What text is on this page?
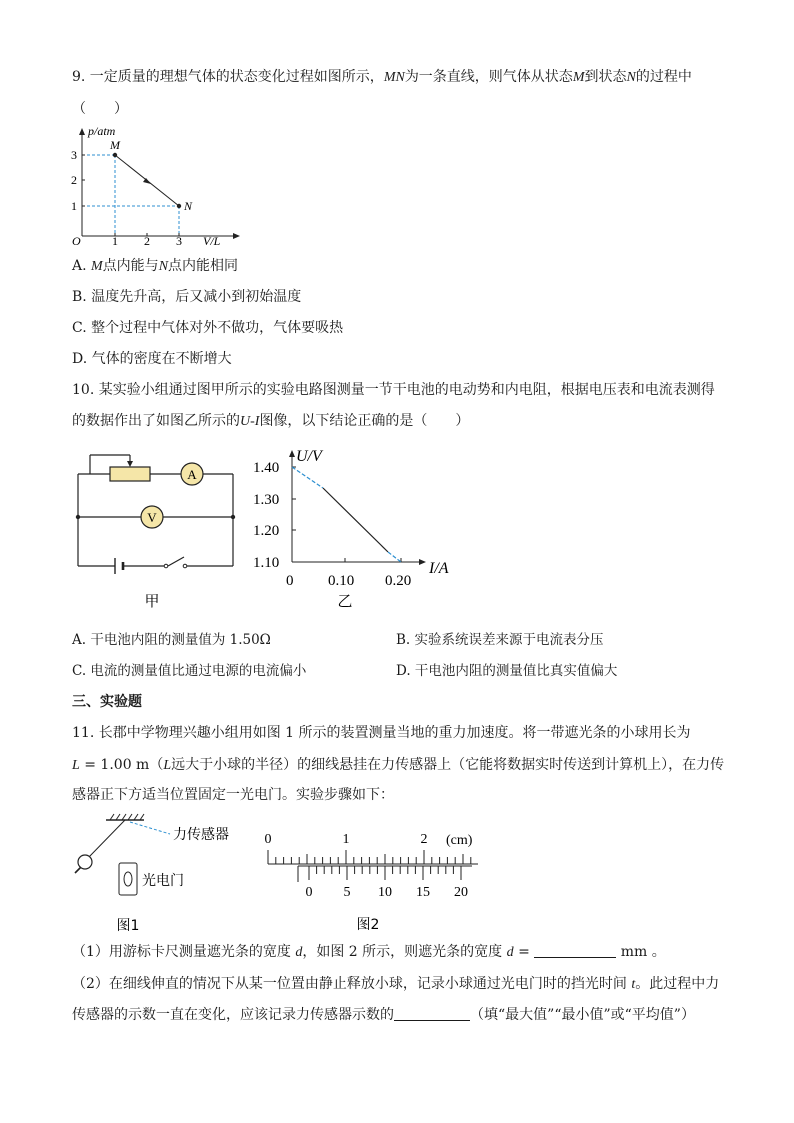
9. 一定质量的理想气体的状态变化过程如图所示，MN为一条直线，则气体从状态M到状态N的过程中
（　　）
p/atm
V/L
O	1 2 3
1
2
3
M
N
A. M点内能与N点内能相同
B. 温度先升高，后又减小到初始温度
C. 整个过程中气体对外不做功，气体要吸热
D. 气体的密度在不断增大
10. 某实验小组通过图甲所示的实验电路图测量一节干电池的电动势和内电阻，根据电压表和电流表测得
的数据作出了如图乙所示的U-I图像，以下结论正确的是（　　）
A
V
甲
U/V
I/A
1.40
1.30
1.20
1.10
0 0.10 0.20
乙
A. 干电池内阻的测量值为 1.50Ω	B. 实验系统误差来源于电流表分压
C. 电流的测量值比通过电源的电流偏小	D. 干电池内阻的测量值比真实值偏大
三、实验题
11. 长郡中学物理兴趣小组用如图 1 所示的装置测量当地的重力加速度。将一带遮光条的小球用长为
L = 1.00 m（L远大于小球的半径）的细线悬挂在力传感器上（它能将数据实时传送到计算机上），在力传
感器正下方适当位置固定一光电门。实验步骤如下：
力传感器
光电门
图1
0	1	2 (cm)
0 5 10 15 20
图2
（1）用游标卡尺测量遮光条的宽度 d，如图 2 所示，则遮光条的宽度 d =	mm 。
（2）在细线伸直的情况下从某一位置由静止释放小球，记录小球通过光电门时的挡光时间 t。此过程中力
传感器的示数一直在变化，应该记录力传感器示数的	（填“最大值”“最小值”或“平均值”）
